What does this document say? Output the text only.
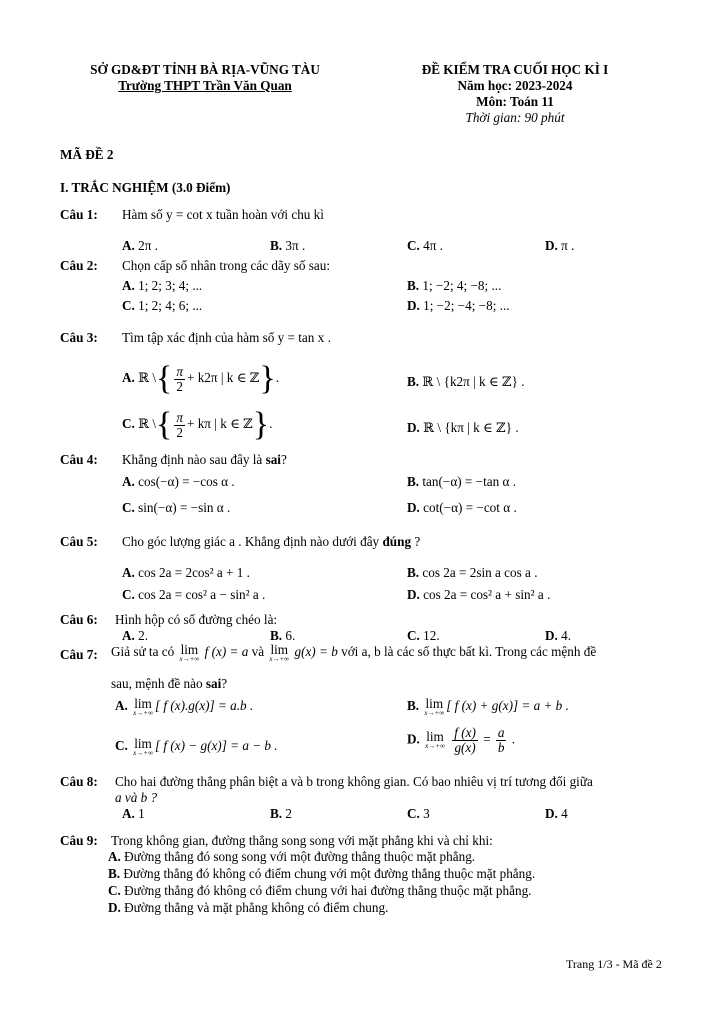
SỞ GD&ĐT TỈNH BÀ RỊA-VŨNG TÀU
Trường THPT Trần Văn Quan
ĐỀ KIỂM TRA CUỐI HỌC KÌ I
Năm học: 2023-2024
Môn: Toán 11
Thời gian: 90 phút
MÃ ĐỀ 2
I. TRẮC NGHIỆM (3.0 Điểm)
Câu 1: Hàm số y = cot x tuần hoàn với chu kì
A. 2π .	B. 3π .	C. 4π .	D. π .
Câu 2: Chọn cấp số nhân trong các dãy số sau:
A. 1; 2; 3; 4; ...	B. 1; −2; 4; −8; ...
C. 1; 2; 4; 6; ...	D. 1; −2; −4; −8; ...
Câu 3: Tìm tập xác định của hàm số y = tan x .
A. ℝ \{ $\frac{\pi}{2} + k2\pi$ | k ∈ ℤ}.	B. ℝ \ {k2π | k ∈ ℤ} .
C. ℝ \{ $\frac{\pi}{2} + k\pi$ | k ∈ ℤ}.	D. ℝ \ {kπ | k ∈ ℤ} .
Câu 4: Khẳng định nào sau đây là sai?
A. cos(−α) = −cos α .	B. tan(−α) = −tan α .
C. sin(−α) = −sin α .	D. cot(−α) = −cot α .
Câu 5: Cho góc lượng giác a . Khẳng định nào dưới đây đúng ?
A. cos 2a = 2cos² a + 1 .	B. cos 2a = 2sin a cos a .
C. cos 2a = cos² a − sin² a .	D. cos 2a = cos² a + sin² a .
Câu 6: Hình hộp có số đường chéo là:
A. 2.	B. 6.	C. 12.	D. 4.
Câu 7: Giả sử ta có lim
x→+∞
f (x) = a và lim
x→+∞
g(x) = b với a, b là các số thực bất kì. Trong các mệnh đề
sau, mệnh đề nào sai?
A. lim
x→+∞
[ f (x).g(x)] = a.b .	B. lim
x→+∞
[ f (x) + g(x)] = a + b .
C. lim
x→+∞
[ f (x) − g(x)] = a − b .	D. lim
x→+∞
$\frac{f (x)}{g(x)} = \frac{a}{b}$ .
Câu 8: Cho hai đường thẳng phân biệt a và b trong không gian. Có bao nhiêu vị trí tương đối giữa
a và b ?
A. 1	B. 2	C. 3	D. 4
Câu 9: Trong không gian, đường thẳng song song với mặt phẳng khi và chỉ khi:
A. Đường thẳng đó song song với một đường thẳng thuộc mặt phẳng.
B. Đường thẳng đó không có điểm chung với một đường thẳng thuộc mặt phẳng.
C. Đường thẳng đó không có điểm chung với hai đường thẳng thuộc mặt phẳng.
D. Đường thẳng và mặt phẳng không có điểm chung.
Trang 1/3 - Mã đề 2
